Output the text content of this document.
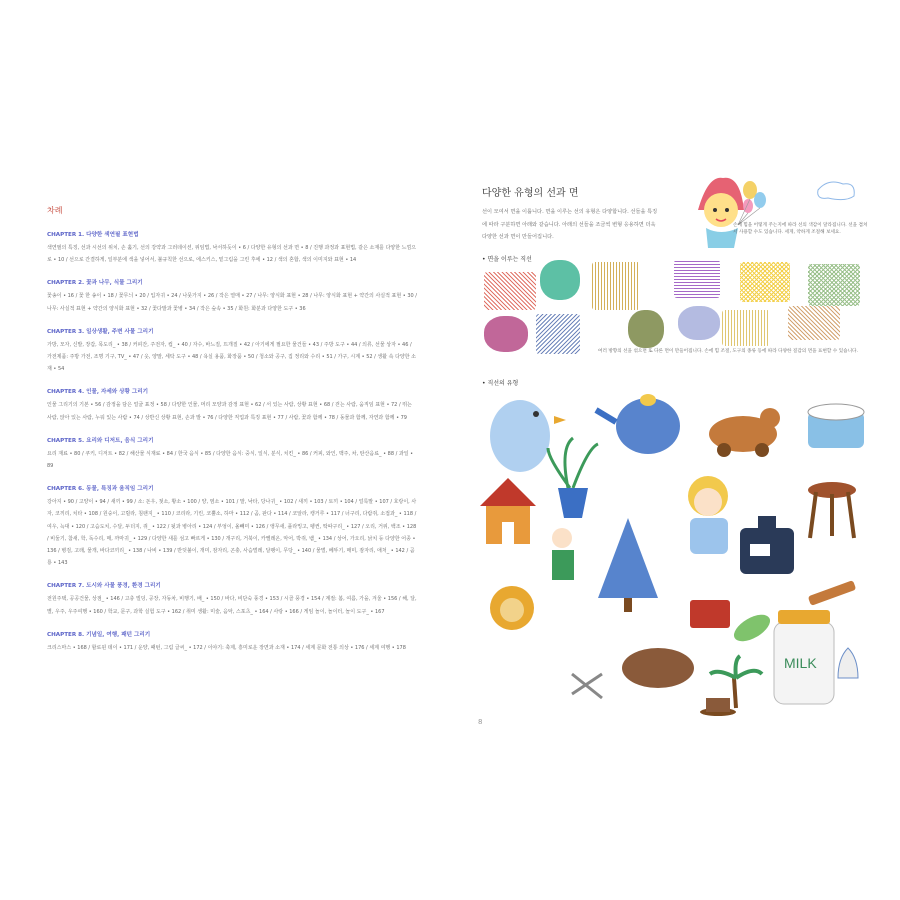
차례
CHAPTER 1. 다양한 색연필 표현법
색연필의 특징, 선과 시선의 위치, 손 훑기, 선의 강약과 그러데이션, 위임법, 낙서하듯이 • 6 / 다양한 유형의 선과 면 • 8 / 진행 과정과 표현법, 같은 소재를 다양한 느낌으로 • 10 / 선으로 간결하게, 일부분에 색을 넣어서, 불규칙한 선으로, 에스키스, 밑그림을 그린 후에 • 12 / 색의 혼합, 색의 이미지와 표현 • 14
CHAPTER 2. 꽃과 나무, 식물 그리기
꽃송이 • 16 / 꽃 한 송이 • 18 / 꽃무늬 • 20 / 입자귀 • 24 / 나뭇가지 • 26 / 작은 열매 • 27 / 나무: 양식화 표현 • 28 / 나무: 양식화 표현 + 약간의 사실적 표현 • 30 / 나무: 사실적 표현 + 약간의 양식화 표현 • 32 / 꽃다발과 꽃병 • 34 / 작은 숲속 • 35 / 화원: 화분과 다양한 도구 • 36
CHAPTER 3. 일상생활, 주변 사물 그리기
가방, 모자, 신발, 장갑, 목도리_ • 38 / 커피잔, 주전자, 컵_ • 40 / 자수, 바느질, 뜨개질 • 42 / 아기에게 필요한 물건들 • 43 / 주방 도구 • 44 / 의류, 선물 상자 • 46 / 가전제품: 주방 가전, 조명 기구, TV_ • 47 / 옷, 양말, 세탁 도구 • 48 / 욕실 용품, 화장품 • 50 / 청소와 공구, 집 정리와 수리 • 51 / 가구, 시계 • 52 / 생활 속 다양한 소재 • 54
CHAPTER 4. 인물, 자세와 상황 그리기
인물 그리기의 기본 • 56 / 감정을 담은 얼굴 표정 • 58 / 다양한 인물, 머리 모양과 감정 표현 • 62 / 서 있는 사람, 상황 표현 • 68 / 걷는 사람, 움직임 표현 • 72 / 뛰는 사람, 앉아 있는 사람, 누워 있는 사람 • 74 / 상반신 상황 표현, 손과 발 • 76 / 다양한 직업과 특징 표현 • 77 / 사람, 꽃과 함께 • 78 / 동물과 함께, 자연과 함께 • 79
CHAPTER 5. 요리와 디저트, 음식 그리기
요리 재료 • 80 / 쿠키, 디저트 • 82 / 해산물 식재료 • 84 / 한국 음식 • 85 / 다양한 음식: 중식, 일식, 분식, 치킨_ • 86 / 커피, 와인, 맥주, 차, 탄산음료_ • 88 / 과일 • 89
CHAPTER 6. 동물, 특징과 움직임 그리기
강아지 • 90 / 고양이 • 94 / 새끼 • 99 / 소: 돈우, 젖소, 황소 • 100 / 양, 염소 • 101 / 말, 낙타, 당나귀_ • 102 / 새끼 • 103 / 토끼 • 104 / 얼룩말 • 107 / 호랑이, 사자, 코끼리, 치타 • 108 / 원숭이, 고릴라, 침팬지_ • 110 / 코리라, 기린, 코뿔소, 하마 • 112 / 곰, 판다 • 114 / 코알라, 캥거루 • 117 / 너구리, 다람쥐, 소접과_ • 118 / 여우, 늑대 • 120 / 고슴도치, 수달, 두더지, 쥐_ • 122 / 뒷과 병아리 • 124 / 부엉이, 올빼미 • 126 / 앵무새, 플라밍고, 펭귄, 딱따구리_ • 127 / 오리, 거위, 백조 • 128 / 비둘기, 참새, 학, 독수리, 매, 까마귀_ • 129 / 다양한 새를 섬고 빠르게 • 130 / 개구리, 거북이, 카멜레온, 악어, 박쥐, 뱀_ • 134 / 상어, 가오리, 낡치 등 다양한 어종 • 136 / 병검, 고래, 물개, 바다코끼리_ • 138 / 나비 • 139 / 반딧불이, 개미, 잠자리, 곤충, 사슴벌레, 달팽이, 무당_ • 140 / 물벌, 베뚜기, 매미, 잠자리, 애처_ • 142 / 곰룡 • 143
CHAPTER 7. 도시와 사물 풍경, 환경 그리기
전원주택, 공공건물, 상점_ • 146 / 고층 빌딩, 공장, 자동차, 비행기, 배_ • 150 / 바다, 비단숙 풍경 • 153 / 시골 풍경 • 154 / 계절: 봄, 여름, 가을, 겨울 • 156 / 해, 달, 별, 우주, 우주여행 • 160 / 학교, 문구, 과학 실험 도구 • 162 / 취미 생활: 미술, 음악, 스포츠_ • 164 / 사랑 • 166 / 게임 놀이, 놀이터, 놀이 도구_ • 167
CHAPTER 8. 기념일, 여행, 패턴 그리기
크리스마스 • 168 / 할로윈 데이 • 171 / 운양, 패턴, 그림 글씨_ • 172 / 이야기: 축제, 흥미로운 장면과 소재 • 174 / 세계 문화 전통 의상 • 176 / 세계 여행 • 178
다양한 유형의 선과 면
선이 모여서 면을 이룹니다. 면을 이루는 선의 유형은 다양합니다. 선들을 특징에 따라 구분하면 아래와 같습니다. 아래의 선들을 조금씩 변형 응용하면 더욱 다양한 선과 면이 만들어집니다.
손에 힘을 어떻게 주는지에 따라 선의 색감이 달라집니다. 선을 겹쳐서 사용할 수도 있습니다. 세게, 약하게 조절해 보세요.
• 면을 이루는 직선
여러 방향의 선을 섞으면 또 다른 면이 만들어집니다. 손에 힘 조절, 도구의 종류 등에 따라 다양한 질감의 면을 표현할 수 있습니다.
• 직선의 유형
MILK
8
